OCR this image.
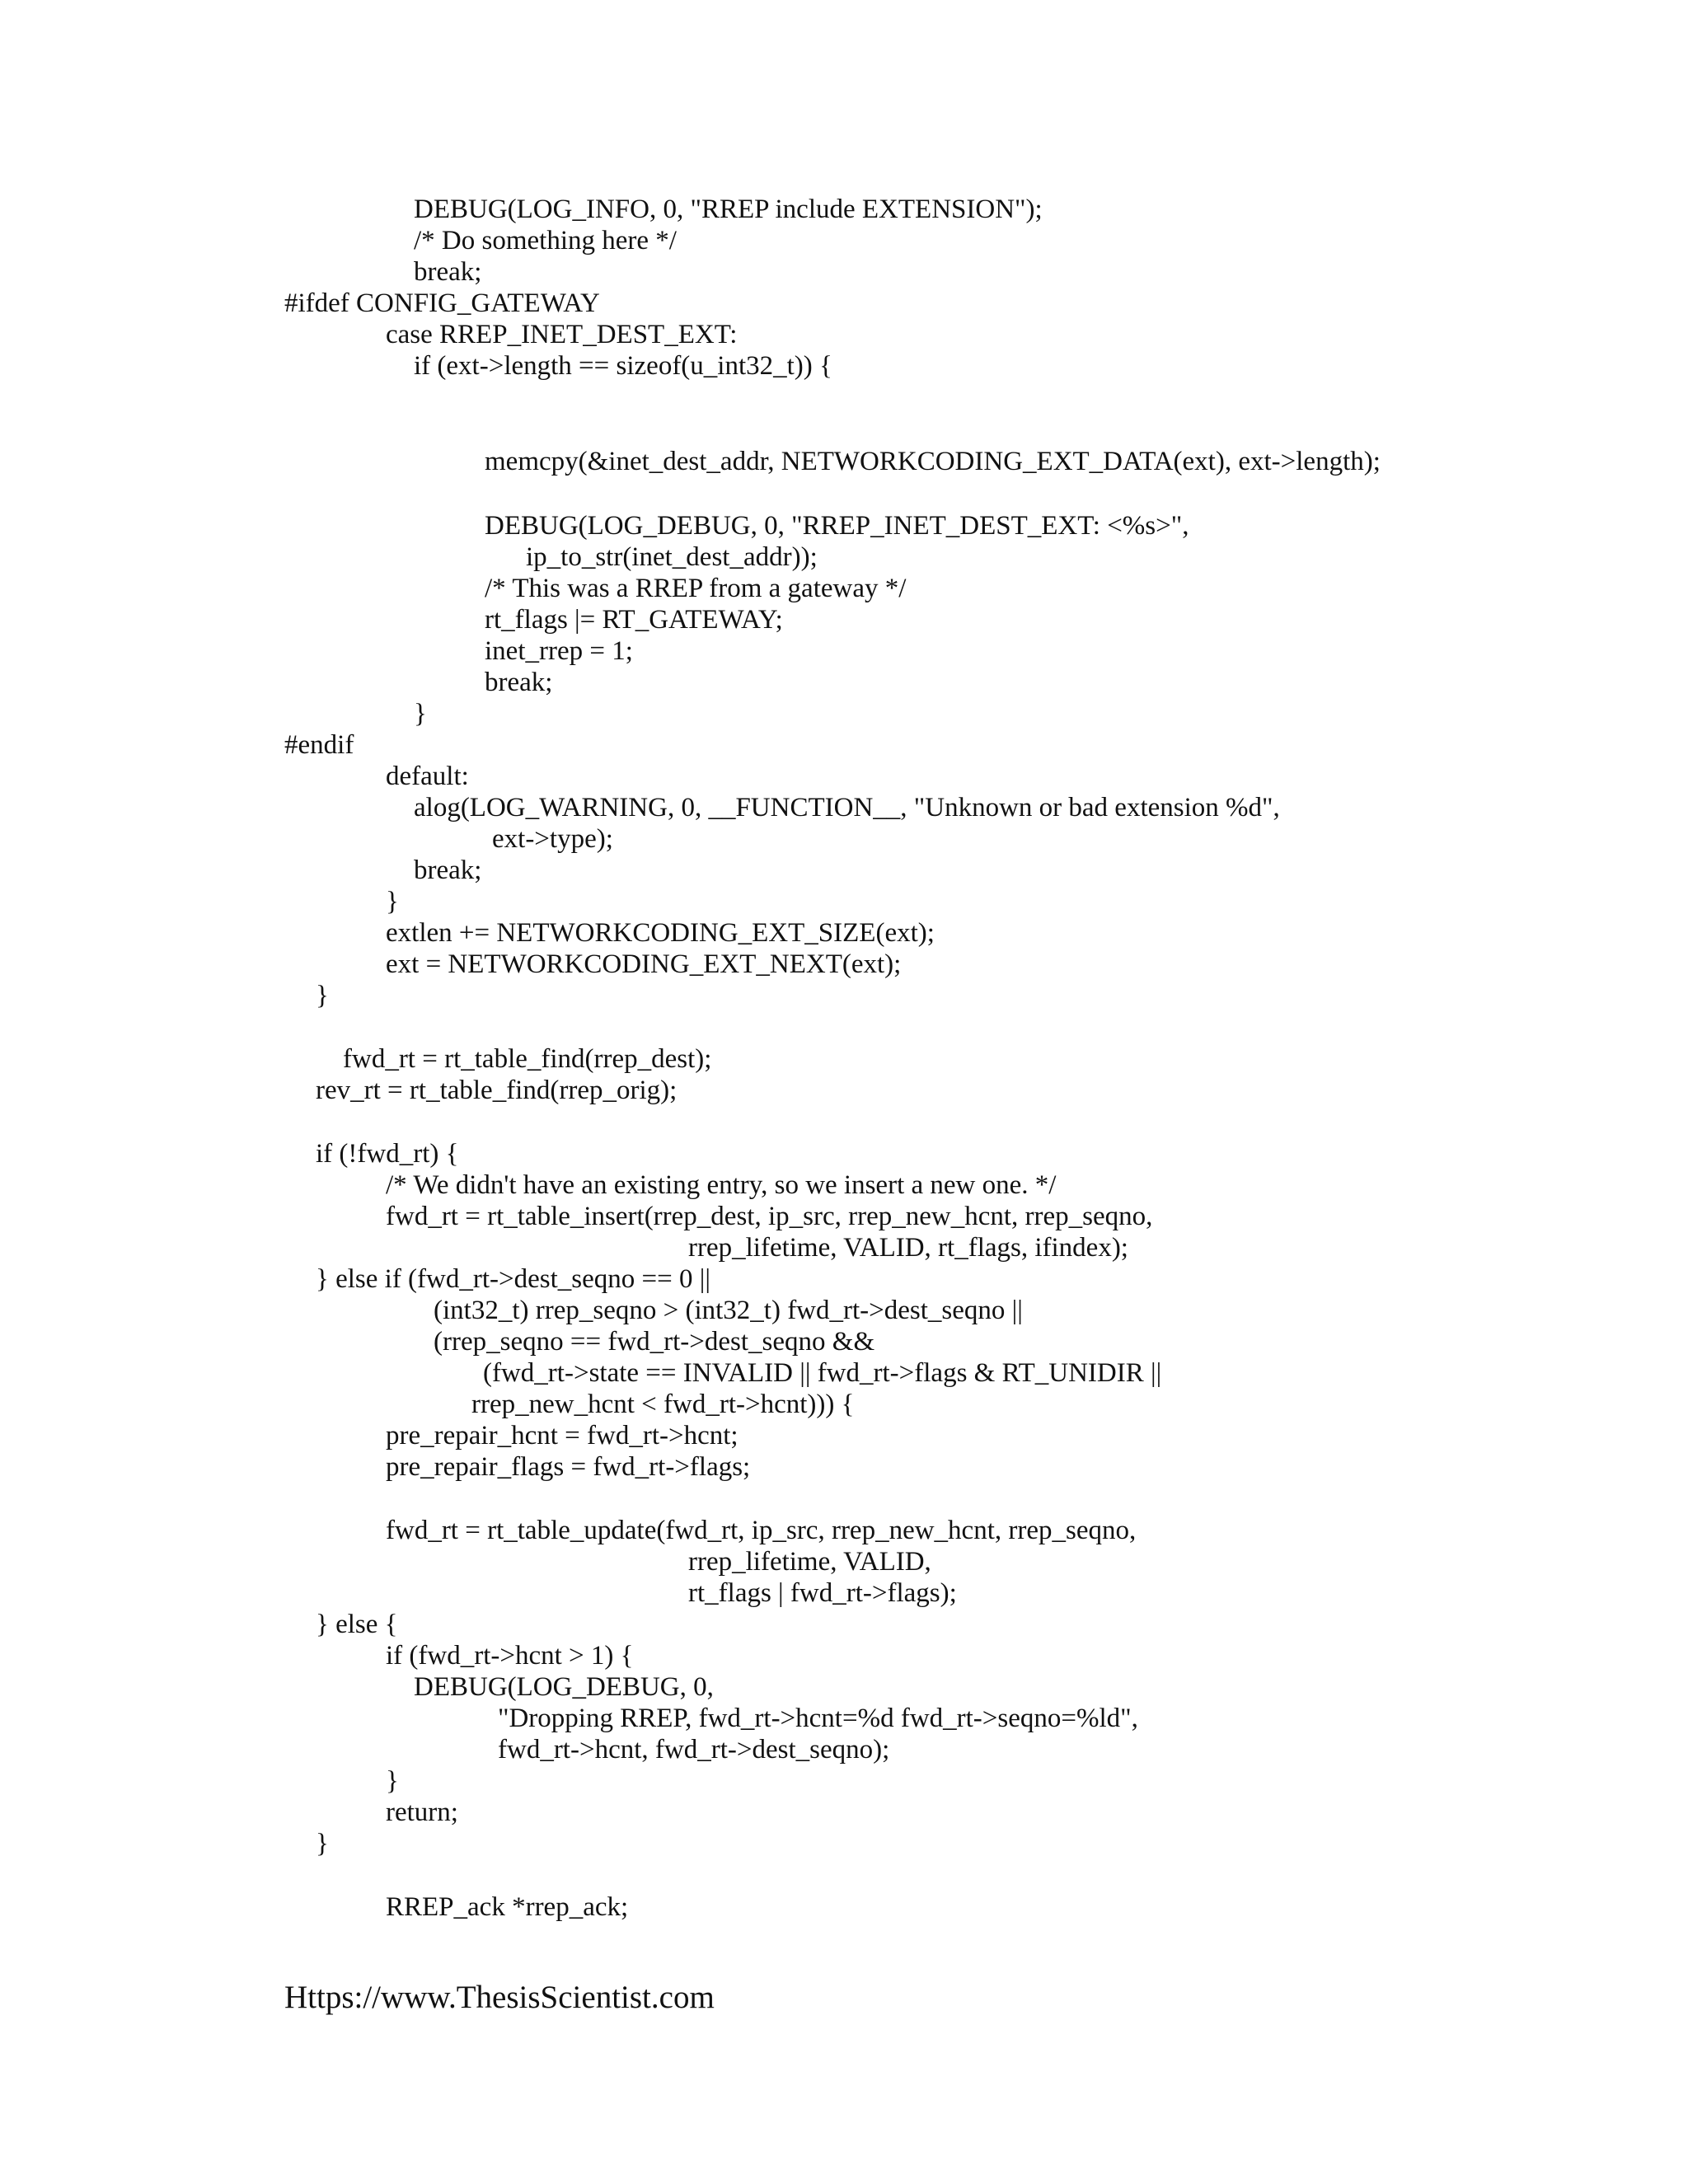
DEBUG(LOG_INFO, 0, "RREP include EXTENSION");
/* Do something here */
break;
#ifdef CONFIG_GATEWAY
case RREP_INET_DEST_EXT:
if (ext->length == sizeof(u_int32_t)) {
memcpy(&inet_dest_addr, NETWORKCODING_EXT_DATA(ext), ext->length);
DEBUG(LOG_DEBUG, 0, "RREP_INET_DEST_EXT: <%s>",
ip_to_str(inet_dest_addr));
/* This was a RREP from a gateway */
rt_flags |= RT_GATEWAY;
inet_rrep = 1;
break;
}
#endif
default:
alog(LOG_WARNING, 0, __FUNCTION__, "Unknown or bad extension %d",
ext->type);
break;
}
extlen += NETWORKCODING_EXT_SIZE(ext);
ext = NETWORKCODING_EXT_NEXT(ext);
}
fwd_rt = rt_table_find(rrep_dest);
rev_rt = rt_table_find(rrep_orig);
if (!fwd_rt) {
/* We didn't have an existing entry, so we insert a new one. */
fwd_rt = rt_table_insert(rrep_dest, ip_src, rrep_new_hcnt, rrep_seqno,
rrep_lifetime, VALID, rt_flags, ifindex);
} else if (fwd_rt->dest_seqno == 0 ||
(int32_t) rrep_seqno > (int32_t) fwd_rt->dest_seqno ||
(rrep_seqno == fwd_rt->dest_seqno &&
(fwd_rt->state == INVALID || fwd_rt->flags & RT_UNIDIR ||
rrep_new_hcnt < fwd_rt->hcnt))) {
pre_repair_hcnt = fwd_rt->hcnt;
pre_repair_flags = fwd_rt->flags;
fwd_rt = rt_table_update(fwd_rt, ip_src, rrep_new_hcnt, rrep_seqno,
rrep_lifetime, VALID,
rt_flags | fwd_rt->flags);
} else {
if (fwd_rt->hcnt > 1) {
DEBUG(LOG_DEBUG, 0,
"Dropping RREP, fwd_rt->hcnt=%d fwd_rt->seqno=%ld",
fwd_rt->hcnt, fwd_rt->dest_seqno);
}
return;
}
RREP_ack *rrep_ack;
Https://www.ThesisScientist.com
